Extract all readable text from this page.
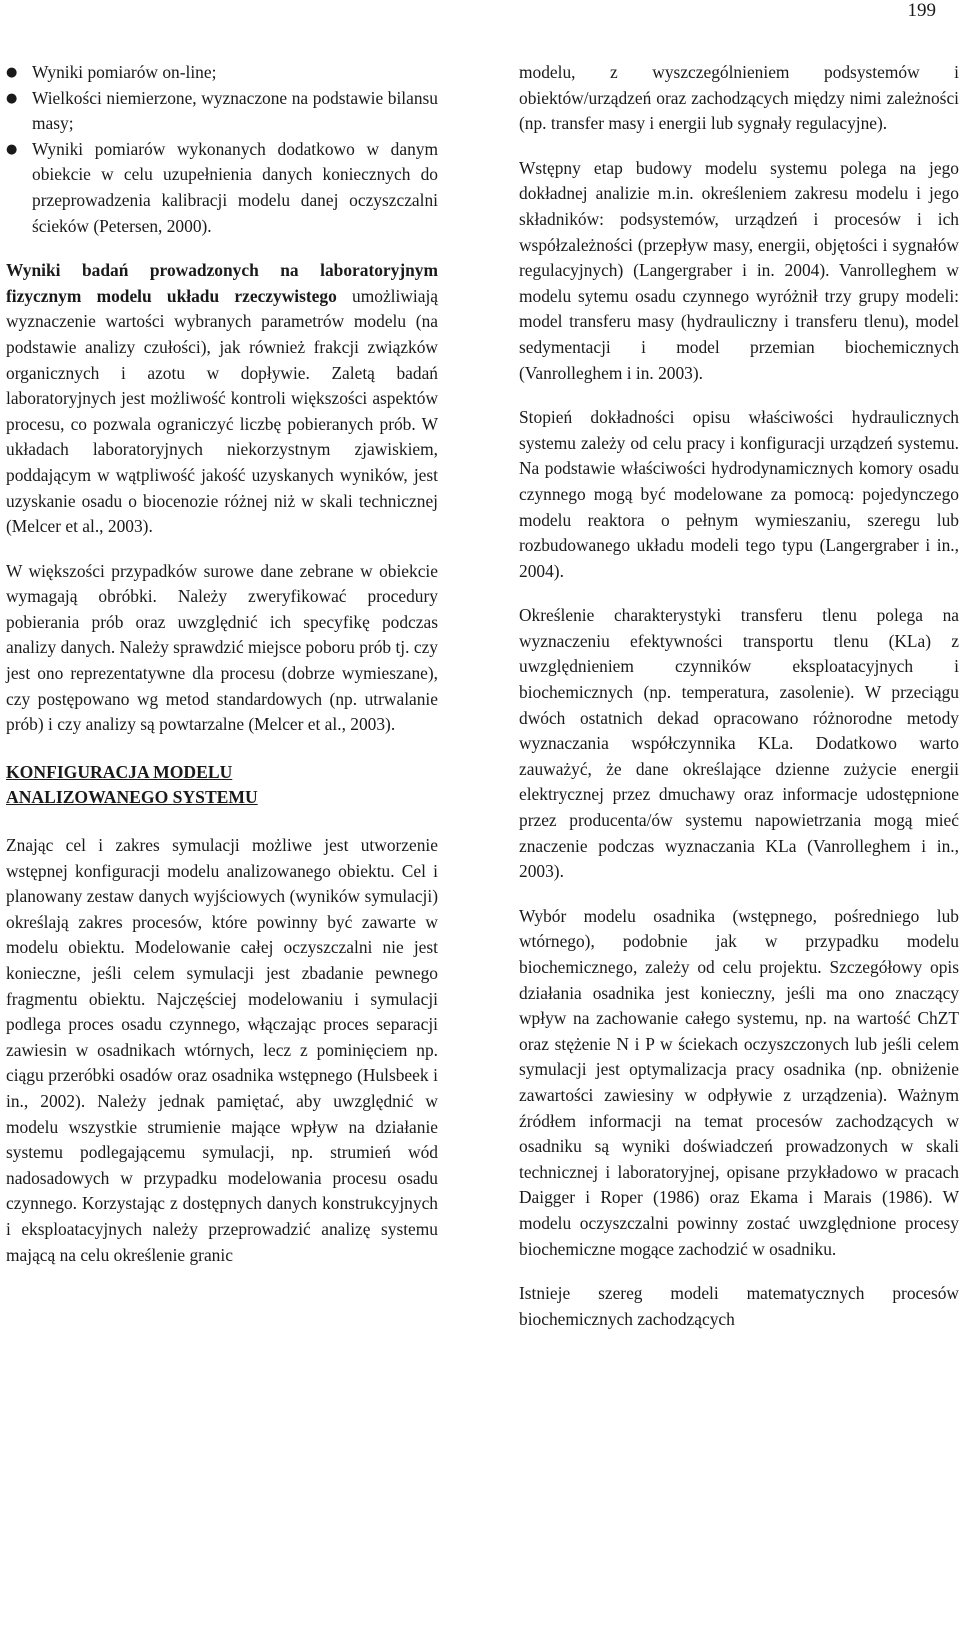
199
● Wyniki pomiarów on-line;
● Wielkości niemierzone, wyznaczone na podstawie bilansu masy;
● Wyniki pomiarów wykonanych dodatkowo w danym obiekcie w celu uzupełnienia danych koniecznych do przeprowadzenia kalibracji modelu danej oczyszczalni ścieków (Petersen, 2000).

Wyniki badań prowadzonych na laboratoryjnym fizycznym modelu układu rzeczywistego umożliwiają wyznaczenie wartości wybranych parametrów modelu (na podstawie analizy czułości), jak również frakcji związków organicznych i azotu w dopływie. Zaletą badań laboratoryjnych jest możliwość kontroli większości aspektów procesu, co pozwala ograniczyć liczbę pobieranych prób. W układach laboratoryjnych niekorzystnym zjawiskiem, poddającym w wątpliwość jakość uzyskanych wyników, jest uzyskanie osadu o biocenozie różnej niż w skali technicznej (Melcer et al., 2003).

W większości przypadków surowe dane zebrane w obiekcie wymagają obróbki. Należy zweryfikować procedury pobierania prób oraz uwzględnić ich specyfikę podczas analizy danych. Należy sprawdzić miejsce poboru prób tj. czy jest ono reprezentatywne dla procesu (dobrze wymieszane), czy postępowano wg metod standardowych (np. utrwalanie prób) i czy analizy są powtarzalne (Melcer et al., 2003).

KONFIGURACJA MODELU
ANALIZOWANEGO SYSTEMU

Znając cel i zakres symulacji możliwe jest utworzenie wstępnej konfiguracji modelu analizowanego obiektu. Cel i planowany zestaw danych wyjściowych (wyników symulacji) określają zakres procesów, które powinny być zawarte w modelu obiektu. Modelowanie całej oczyszczalni nie jest konieczne, jeśli celem symulacji jest zbadanie pewnego fragmentu obiektu. Najczęściej modelowaniu i symulacji podlega proces osadu czynnego, włączając proces separacji zawiesin w osadnikach wtórnych, lecz z pominięciem np. ciągu przeróbki osadów oraz osadnika wstępnego (Hulsbeek i in., 2002). Należy jednak pamiętać, aby uwzględnić w modelu wszystkie strumienie mające wpływ na działanie systemu podlegającemu symulacji, np. strumień wód nadosadowych w przypadku modelowania procesu osadu czynnego. Korzystając z dostępnych danych konstrukcyjnych i eksploatacyjnych należy przeprowadzić analizę systemu mającą na celu określenie granic

modelu, z wyszczególnieniem podsystemów i obiektów/urządzeń oraz zachodzących między nimi zależności (np. transfer masy i energii lub sygnały regulacyjne).

Wstępny etap budowy modelu systemu polega na jego dokładnej analizie m.in. określeniem zakresu modelu i jego składników: podsystemów, urządzeń i procesów i ich współzależności (przepływ masy, energii, objętości i sygnałów regulacyjnych) (Langergraber i in. 2004). Vanrolleghem w modelu sytemu osadu czynnego wyróżnił trzy grupy modeli: model transferu masy (hydrauliczny i transferu tlenu), model sedymentacji i model przemian biochemicznych (Vanrolleghem i in. 2003).

Stopień dokładności opisu właściwości hydraulicznych systemu zależy od celu pracy i konfiguracji urządzeń systemu. Na podstawie właściwości hydrodynamicznych komory osadu czynnego mogą być modelowane za pomocą: pojedynczego modelu reaktora o pełnym wymieszaniu, szeregu lub rozbudowanego układu modeli tego typu (Langergraber i in., 2004).

Określenie charakterystyki transferu tlenu polega na wyznaczeniu efektywności transportu tlenu (KLa) z uwzględnieniem czynników eksploatacyjnych i biochemicznych (np. temperatura, zasolenie). W przeciągu dwóch ostatnich dekad opracowano różnorodne metody wyznaczania współczynnika KLa. Dodatkowo warto zauważyć, że dane określające dzienne zużycie energii elektrycznej przez dmuchawy oraz informacje udostępnione przez producenta/ów systemu napowietrzania mogą mieć znaczenie podczas wyznaczania KLa (Vanrolleghem i in., 2003).

Wybór modelu osadnika (wstępnego, pośredniego lub wtórnego), podobnie jak w przypadku modelu biochemicznego, zależy od celu projektu. Szczegółowy opis działania osadnika jest konieczny, jeśli ma ono znaczący wpływ na zachowanie całego systemu, np. na wartość ChZT oraz stężenie N i P w ściekach oczyszczonych lub jeśli celem symulacji jest optymalizacja pracy osadnika (np. obniżenie zawartości zawiesiny w odpływie z urządzenia). Ważnym źródłem informacji na temat procesów zachodzących w osadniku są wyniki doświadczeń prowadzonych w skali technicznej i laboratoryjnej, opisane przykładowo w pracach Daigger i Roper (1986) oraz Ekama i Marais (1986). W modelu oczyszczalni powinny zostać uwzględnione procesy biochemiczne mogące zachodzić w osadniku.

Istnieje szereg modeli matematycznych procesów biochemicznych zachodzących
